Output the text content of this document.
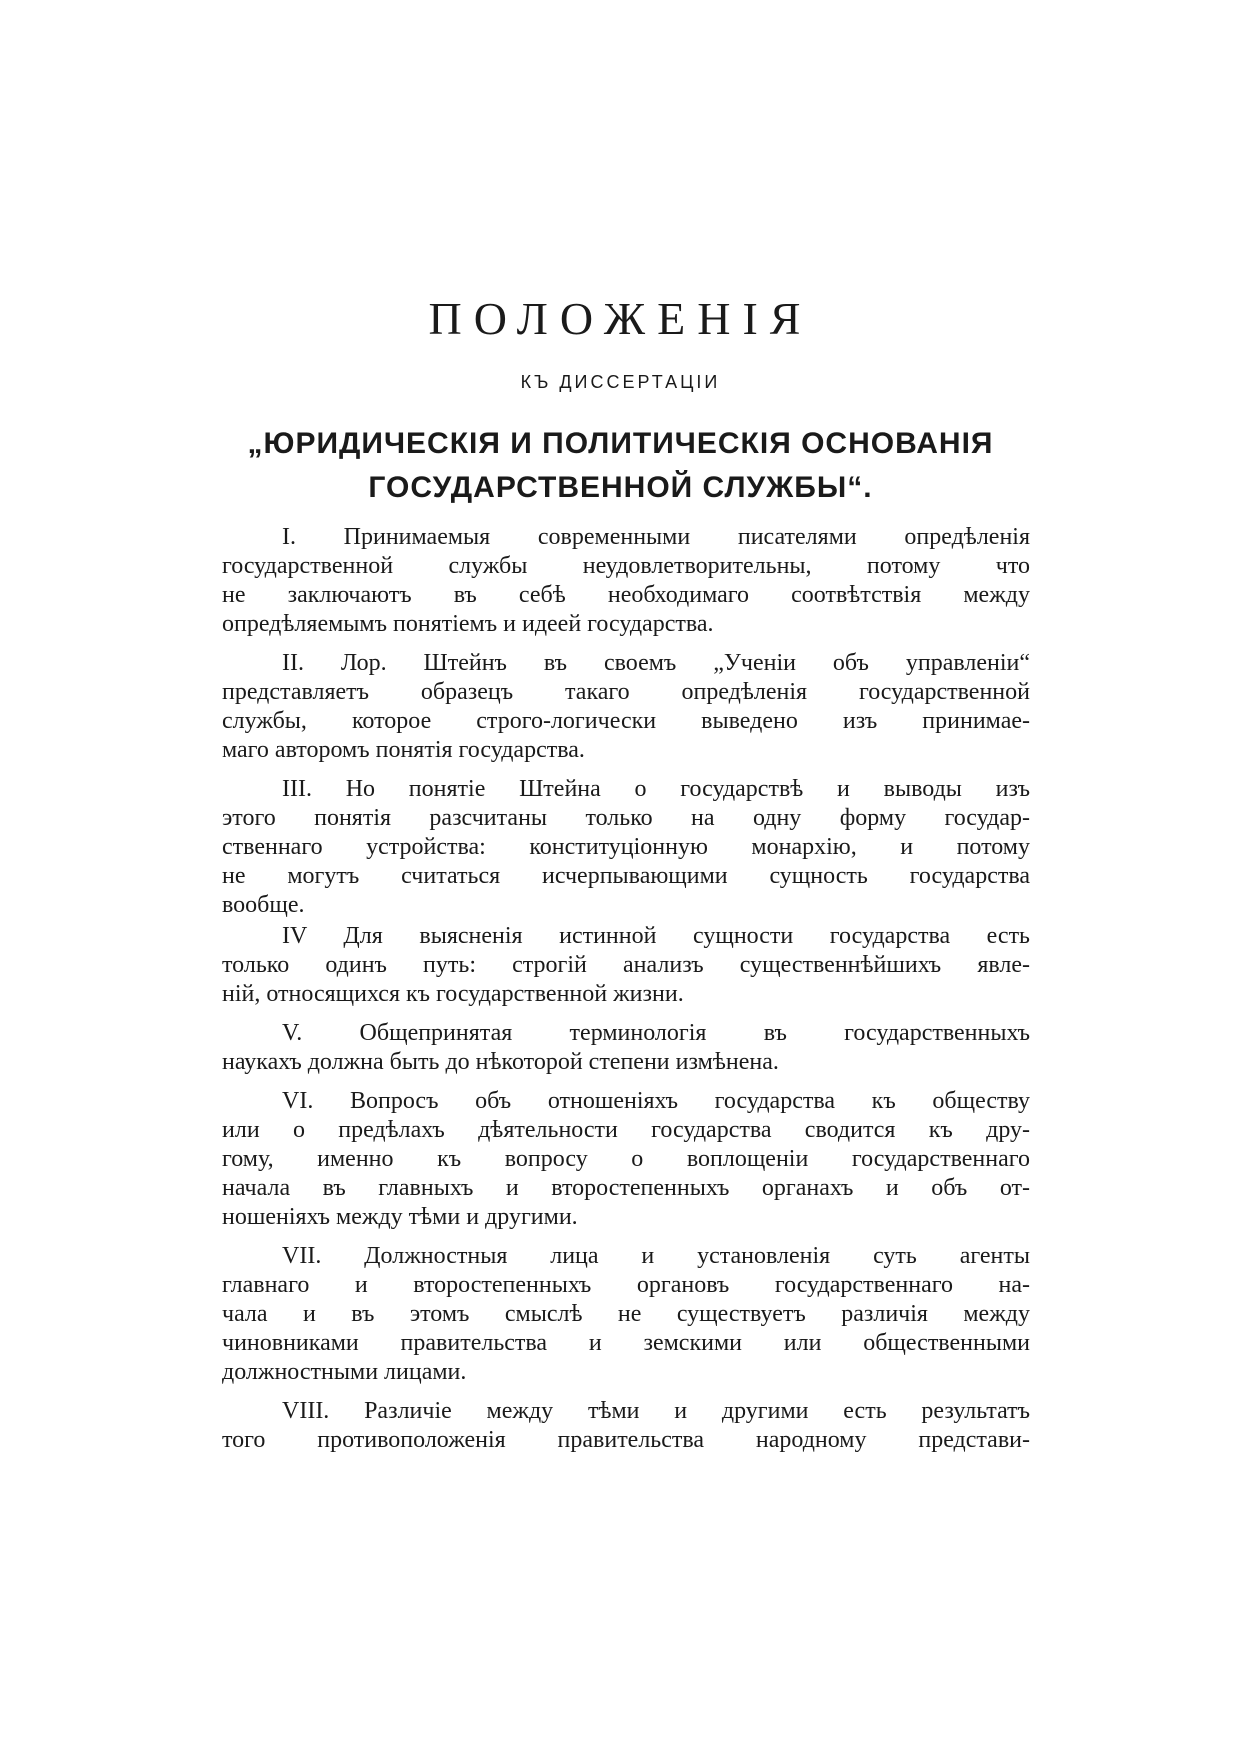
ПОЛОЖЕНІЯ
КЪ ДИССЕРТАЦІИ
„ЮРИДИЧЕСКІЯ И ПОЛИТИЧЕСКІЯ ОСНОВАНІЯ
ГОСУДАРСТВЕННОЙ СЛУЖБЫ“.
I. Принимаемыя современными писателями опредѣленія
государственной службы неудовлетворительны, потому что
не заключаютъ въ себѣ необходимаго соотвѣтствія между
опредѣляемымъ понятіемъ и идеей государства.
II. Лор. Штейнъ въ своемъ „Ученіи объ управленіи“
представляетъ образецъ такаго опредѣленія государственной
службы, которое строго-логически выведено изъ принимае-
маго авторомъ понятія государства.
III. Но понятіе Штейна о государствѣ и выводы изъ
этого понятія разсчитаны только на одну форму государ-
ственнаго устройства: конституціонную монархію, и потому
не могутъ считаться исчерпывающими сущность государства
вообще.
IV Для выясненія истинной сущности государства есть
только одинъ путь: строгій анализъ существеннѣйшихъ явле-
ній, относящихся къ государственной жизни.
V. Общепринятая терминологія въ государственныхъ
наукахъ должна быть до нѣкоторой степени измѣнена.
VI. Вопросъ объ отношеніяхъ государства къ обществу
или о предѣлахъ дѣятельности государства сводится къ дру-
гому, именно къ вопросу о воплощеніи государственнаго
начала въ главныхъ и второстепенныхъ органахъ и объ от-
ношеніяхъ между тѣми и другими.
VII. Должностныя лица и установленія суть агенты
главнаго и второстепенныхъ органовъ государственнаго на-
чала и въ этомъ смыслѣ не существуетъ различія между
чиновниками правительства и земскими или общественными
должностными лицами.
VIII. Различіе между тѣми и другими есть результатъ
того противоположенія правительства народному представи-
